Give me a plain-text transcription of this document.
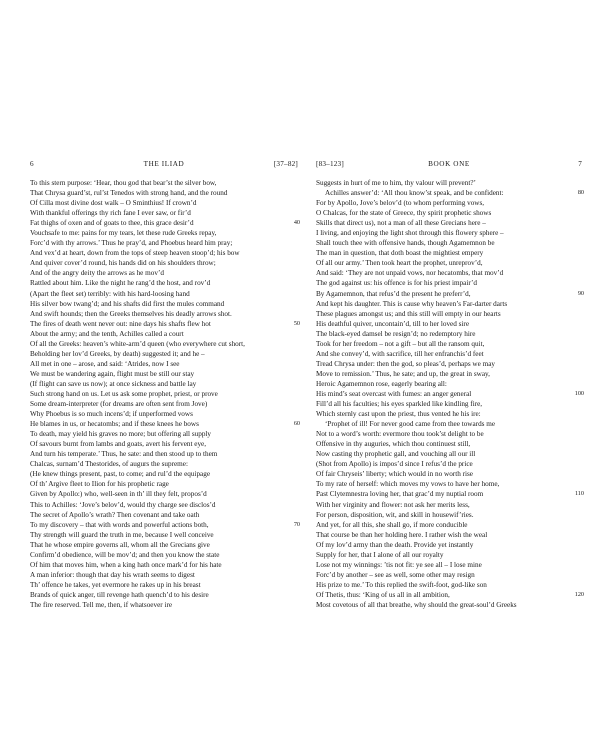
6	THE ILIAD	[37–82]
To this stern purpose: ‘Hear, thou god that bear’st the silver bow,
That Chrysa guard’st, rul’st Tenedos with strong hand, and the round
Of Cilla most divine dost walk – O Sminthius! If crown’d
With thankful offerings thy rich fane I ever saw, or fir’d
Fat thighs of oxen and of goats to thee, this grace desir’d	40
Vouchsafe to me: pains for my tears, let these rude Greeks repay,
Forc’d with thy arrows.’ Thus he pray’d, and Phoebus heard him pray;
And vex’d at heart, down from the tops of steep heaven stoop’d; his bow
And quiver cover’d round, his hands did on his shoulders throw;
And of the angry deity the arrows as he mov’d
Rattled about him. Like the night he rang’d the host, and rov’d
(Apart the fleet set) terribly: with his hard-loosing hand
His silver bow twang’d; and his shafts did first the mules command
And swift hounds; then the Greeks themselves his deadly arrows shot.
The fires of death went never out: nine days his shafts flew hot	50
About the army; and the tenth, Achilles called a court
Of all the Greeks: heaven’s white-arm’d queen (who everywhere cut short,
Beholding her lov’d Greeks, by death) suggested it; and he –
All met in one – arose, and said: ‘Atrides, now I see
We must be wandering again, flight must be still our stay
(If flight can save us now); at once sickness and battle lay
Such strong hand on us. Let us ask some prophet, priest, or prove
Some dream-interpreter (for dreams are often sent from Jove)
Why Phoebus is so much incens’d; if unperformed vows
He blames in us, or hecatombs; and if these knees he bows	60
To death, may yield his graves no more; but offering all supply
Of savours burnt from lambs and goats, avert his fervent eye,
And turn his temperate.’ Thus, he sate: and then stood up to them
Chalcas, surnam’d Thestorides, of augurs the supreme:
(He knew things present, past, to come; and rul’d the equipage
Of th’ Argive fleet to Ilion for his prophetic rage
Given by Apollo:) who, well-seen in th’ ill they felt, propos’d
This to Achilles: ‘Jove’s belov’d, would thy charge see disclos’d
The secret of Apollo’s wrath? Then covenant and take oath
To my discovery – that with words and powerful actions both,	70
Thy strength will guard the truth in me, because I well conceive
That he whose empire governs all, whom all the Grecians give
Confirm’d obedience, will be mov’d; and then you know the state
Of him that moves him, when a king hath once mark’d for his hate
A man inferior: though that day his wrath seems to digest
Th’ offence he takes, yet evermore he rakes up in his breast
Brands of quick anger, till revenge hath quench’d to his desire
The fire reserved. Tell me, then, if whatsoever ire
[83–123]	BOOK ONE	7
Suggests in hurt of me to him, thy valour will prevent?’
Achilles answer’d: ‘All thou know’st speak, and be confident:	80
For by Apollo, Jove’s belov’d (to whom performing vows,
O Chalcas, for the state of Greece, thy spirit prophetic shows
Skills that direct us), not a man of all these Grecians here –
I living, and enjoying the light shot through this flowery sphere –
Shall touch thee with offensive hands, though Agamemnon be
The man in question, that doth boast the mightiest empery
Of all our army.’ Then took heart the prophet, unreprov’d,
And said: ‘They are not unpaid vows, nor hecatombs, that mov’d
The god against us: his offence is for his priest impair’d
By Agamemnon, that refus’d the present he preferr’d,	90
And kept his daughter. This is cause why heaven’s Far-darter darts
These plagues amongst us; and this still will empty in our hearts
His deathful quiver, uncontain’d, till to her loved sire
The black-eyed damsel be resign’d; no redemptory hire
Took for her freedom – not a gift – but all the ransom quit,
And she convey’d, with sacrifice, till her enfranchis’d feet
Tread Chrysa under: then the god, so pleas’d, perhaps we may
Move to remission.’ Thus, he sate; and up, the great in sway,
Heroic Agamemnon rose, eagerly bearing all:
His mind’s seat overcast with fumes: an anger general	100
Fill’d all his faculties; his eyes sparkled like kindling fire,
Which sternly cast upon the priest, thus vented he his ire:
‘Prophet of ill! For never good came from thee towards me
Not to a word’s worth: evermore thou took’st delight to be
Offensive in thy auguries, which thou continuest still,
Now casting thy prophetic gall, and vouching all our ill
(Shot from Apollo) is impos’d since I refus’d the price
Of fair Chryseis’ liberty; which would in no worth rise
To my rate of herself: which moves my vows to have her home,
Past Clytemnestra loving her, that grac’d my nuptial room	110
With her virginity and flower: not ask her merits less,
For person, disposition, wit, and skill in housewif’ries.
And yet, for all this, she shall go, if more conducible
That course be than her holding here. I rather wish the weal
Of my lov’d army than the death. Provide yet instantly
Supply for her, that I alone of all our royalty
Lose not my winnings: ’tis not fit: ye see all – I lose mine
Forc’d by another – see as well, some other may resign
His prize to me.’ To this replied the swift-foot, god-like son
Of Thetis, thus: ‘King of us all in all ambition,	120
Most covetous of all that breathe, why should the great-soul’d Greeks
